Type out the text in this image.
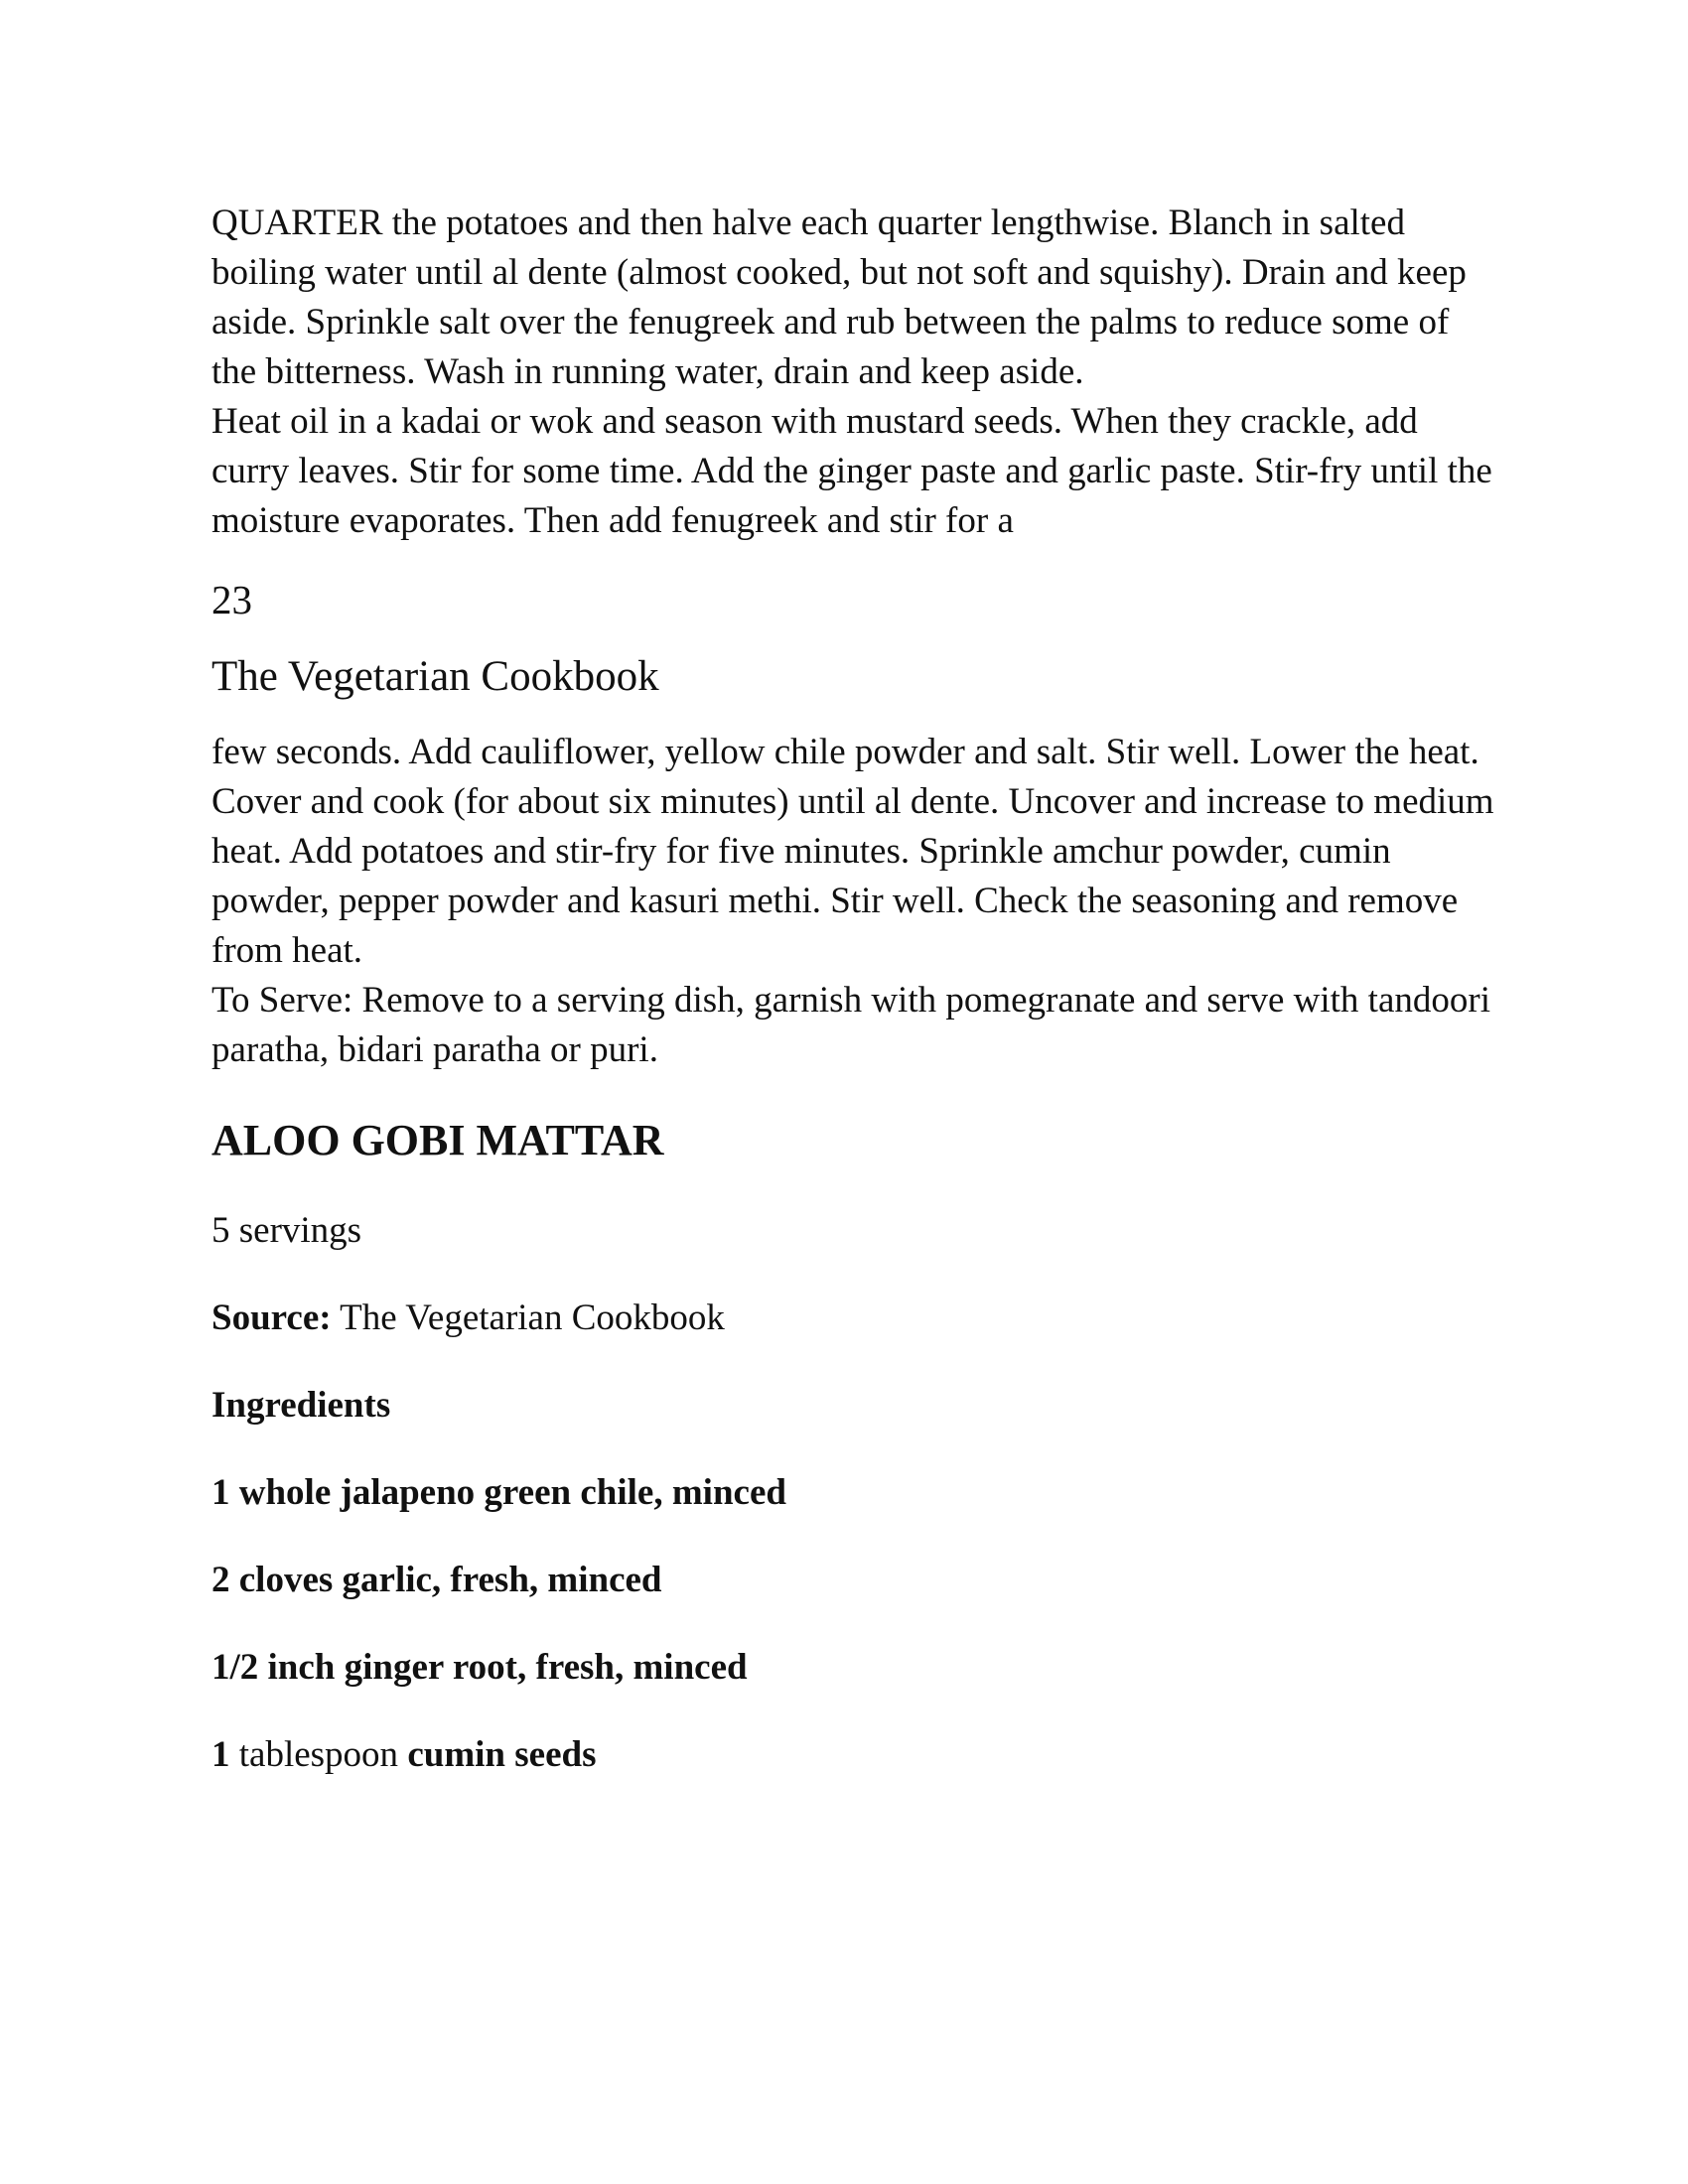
QUARTER the potatoes and then halve each quarter lengthwise. Blanch in salted boiling water until al dente (almost cooked, but not soft and squishy). Drain and keep aside. Sprinkle salt over the fenugreek and rub between the palms to reduce some of the bitterness. Wash in running water, drain and keep aside.

Heat oil in a kadai or wok and season with mustard seeds. When they crackle, add curry leaves. Stir for some time. Add the ginger paste and garlic paste. Stir-fry until the moisture evaporates. Then add fenugreek and stir for a

23
The Vegetarian Cookbook

few seconds. Add cauliflower, yellow chile powder and salt. Stir well. Lower the heat. Cover and cook (for about six minutes) until al dente. Uncover and increase to medium heat. Add potatoes and stir-fry for five minutes. Sprinkle amchur powder, cumin powder, pepper powder and kasuri methi. Stir well. Check the seasoning and remove from heat.

To Serve: Remove to a serving dish, garnish with pomegranate and serve with tandoori paratha, bidari paratha or puri.

ALOO GOBI MATTAR
5 servings
Source: The Vegetarian Cookbook
Ingredients
1 whole jalapeno green chile, minced
2 cloves garlic, fresh, minced
1/2 inch ginger root, fresh, minced
1 tablespoon cumin seeds
